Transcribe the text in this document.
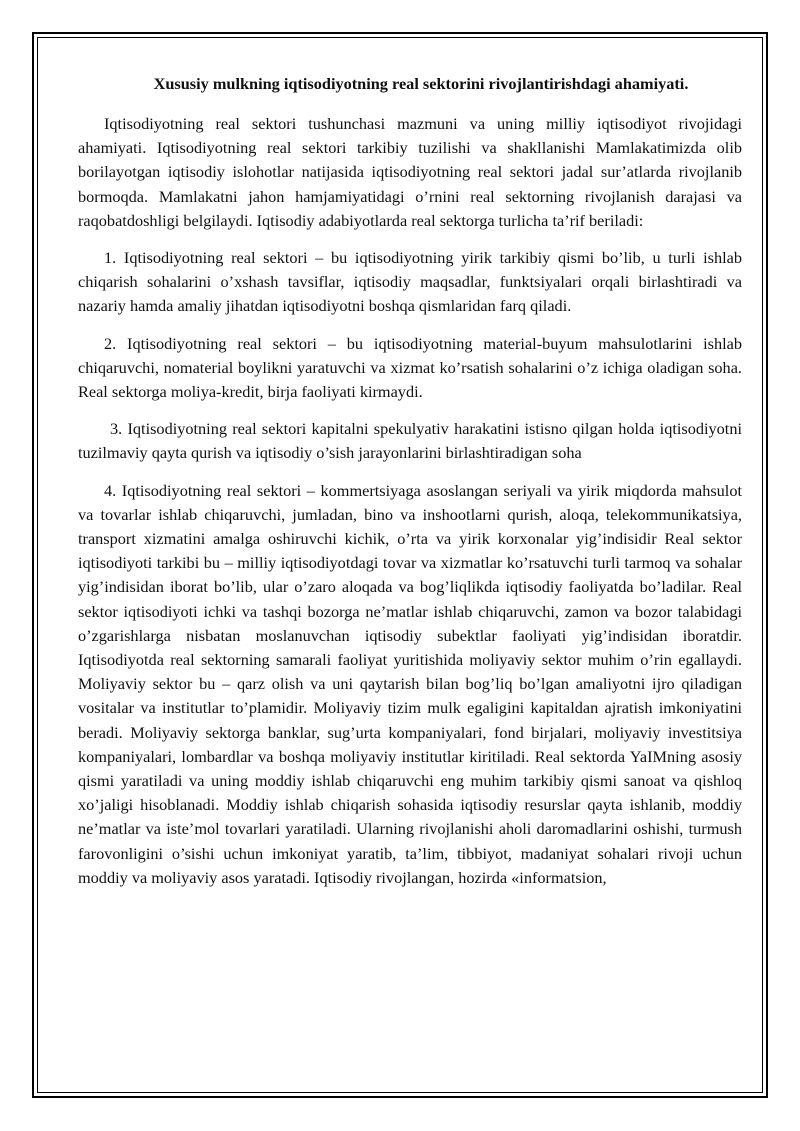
Xususiy mulkning iqtisodiyotning real sektorini rivojlantirishdagi ahamiyati.

Iqtisodiyotning real sektori tushunchasi mazmuni va uning milliy iqtisodiyot rivojidagi ahamiyati. Iqtisodiyotning real sektori tarkibiy tuzilishi va shakllanishi Mamlakatimizda olib borilayotgan iqtisodiy islohotlar natijasida iqtisodiyotning real sektori jadal sur’atlarda rivojlanib bormoqda. Mamlakatni jahon hamjamiyatidagi o’rnini real sektorning rivojlanish darajasi va raqobatdoshligi belgilaydi. Iqtisodiy adabiyotlarda real sektorga turlicha ta’rif beriladi:

1. Iqtisodiyotning real sektori – bu iqtisodiyotning yirik tarkibiy qismi bo’lib, u turli ishlab chiqarish sohalarini o’xshash tavsiflar, iqtisodiy maqsadlar, funktsiyalari orqali birlashtiradi va nazariy hamda amaliy jihatdan iqtisodiyotni boshqa qismlaridan farq qiladi.

2. Iqtisodiyotning real sektori – bu iqtisodiyotning material-buyum mahsulotlarini ishlab chiqaruvchi, nomaterial boylikni yaratuvchi va xizmat ko’rsatish sohalarini o’z ichiga oladigan soha. Real sektorga moliya-kredit, birja faoliyati kirmaydi.

3. Iqtisodiyotning real sektori kapitalni spekulyativ harakatini istisno qilgan holda iqtisodiyotni tuzilmaviy qayta qurish va iqtisodiy o’sish jarayonlarini birlashtiradigan soha

4. Iqtisodiyotning real sektori – kommertsiyaga asoslangan seriyali va yirik miqdorda mahsulot va tovarlar ishlab chiqaruvchi, jumladan, bino va inshootlarni qurish, aloqa, telekommunikatsiya, transport xizmatini amalga oshiruvchi kichik, o’rta va yirik korxonalar yig’indisidir Real sektor iqtisodiyoti tarkibi bu – milliy iqtisodiyotdagi tovar va xizmatlar ko’rsatuvchi turli tarmoq va sohalar yig’indisidan iborat bo’lib, ular o’zaro aloqada va bog’liqlikda iqtisodiy faoliyatda bo’ladilar. Real sektor iqtisodiyoti ichki va tashqi bozorga ne’matlar ishlab chiqaruvchi, zamon va bozor talabidagi o’zgarishlarga nisbatan moslanuvchan iqtisodiy subektlar faoliyati yig’indisidan iboratdir. Iqtisodiyotda real sektorning samarali faoliyat yuritishida moliyaviy sektor muhim o’rin egallaydi. Moliyaviy sektor bu – qarz olish va uni qaytarish bilan bog’liq bo’lgan amaliyotni ijro qiladigan vositalar va institutlar to’plamidir. Moliyaviy tizim mulk egaligini kapitaldan ajratish imkoniyatini beradi. Moliyaviy sektorga banklar, sug’urta kompaniyalari, fond birjalari, moliyaviy investitsiya kompaniyalari, lombardlar va boshqa moliyaviy institutlar kiritiladi. Real sektorda YaIMning asosiy qismi yaratiladi va uning moddiy ishlab chiqaruvchi eng muhim tarkibiy qismi sanoat va qishloq xo’jaligi hisoblanadi. Moddiy ishlab chiqarish sohasida iqtisodiy resurslar qayta ishlanib, moddiy ne’matlar va iste’mol tovarlari yaratiladi. Ularning rivojlanishi aholi daromadlarini oshishi, turmush farovonligini o’sishi uchun imkoniyat yaratib, ta’lim, tibbiyot, madaniyat sohalari rivoji uchun moddiy va moliyaviy asos yaratadi. Iqtisodiy rivojlangan, hozirda «informatsion,
